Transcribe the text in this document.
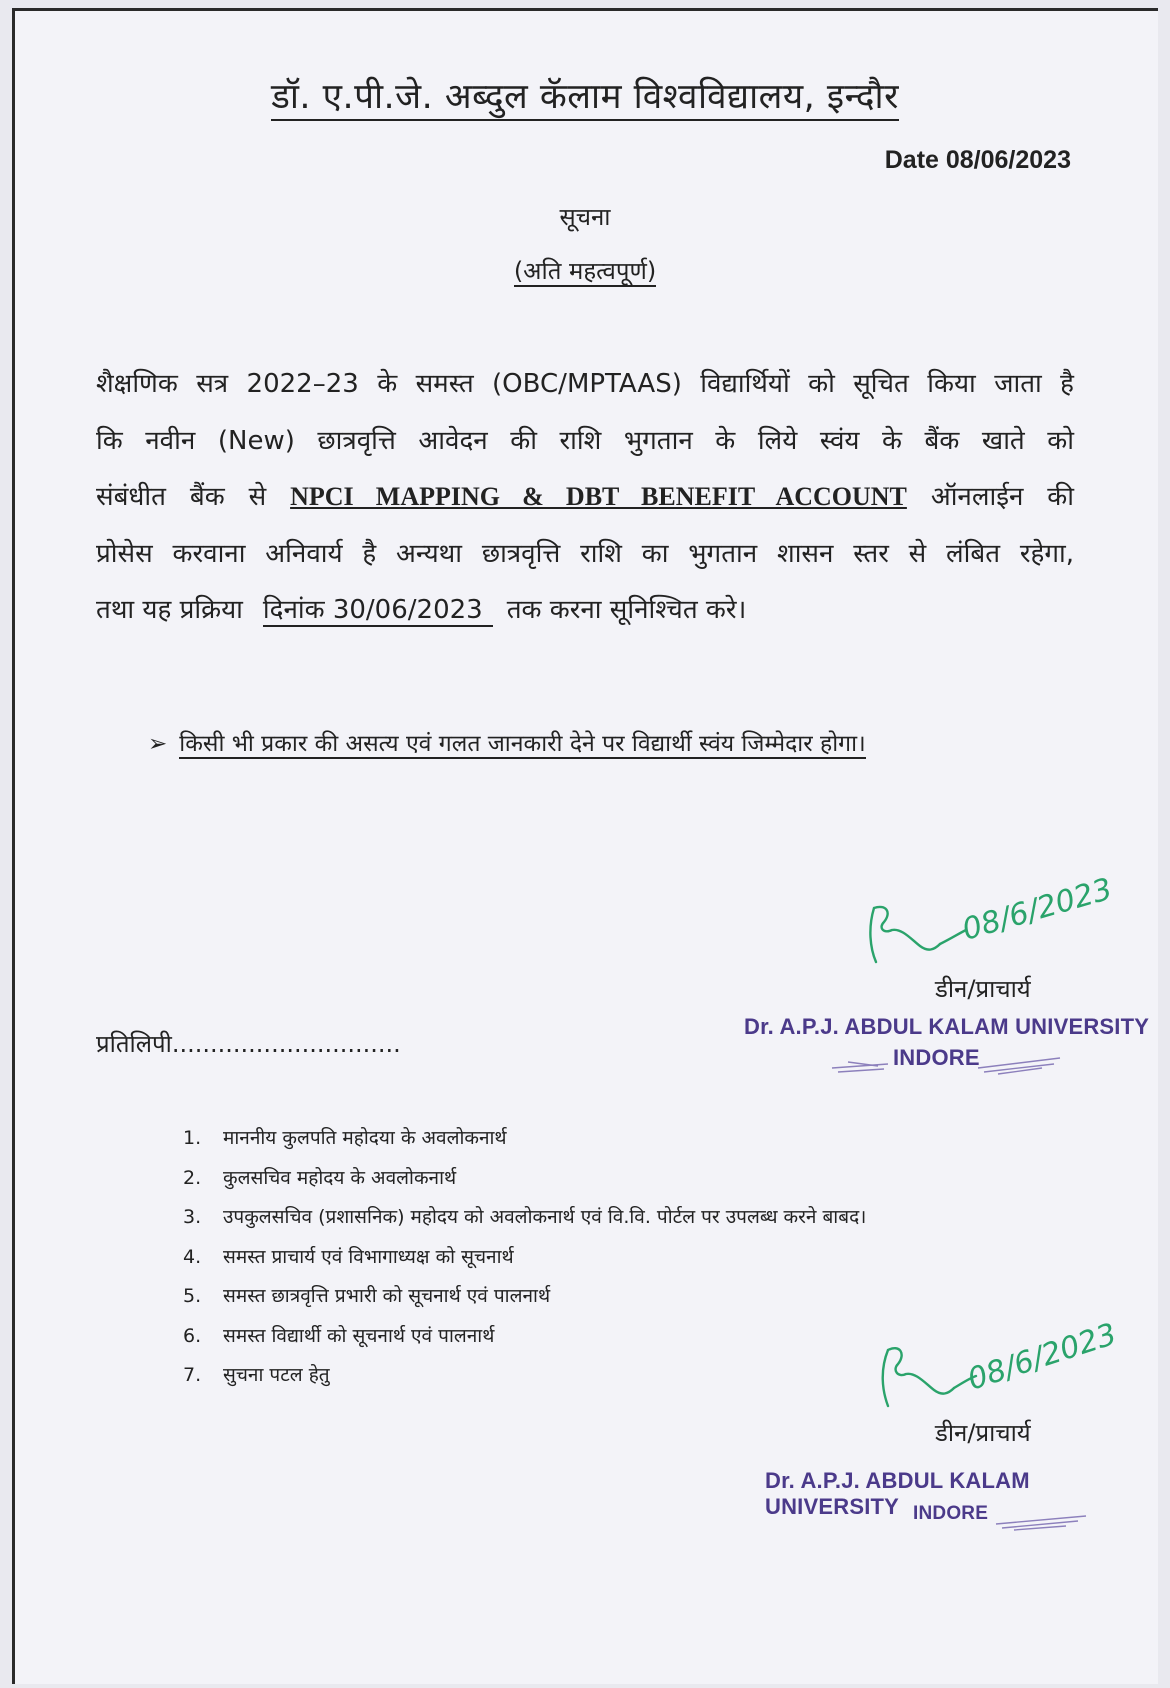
डॉ. ए.पी.जे. अब्दुल कॅलाम विश्वविद्यालय, इन्दौर
Date 08/06/2023
सूचना
(अति महत्वपूर्ण)
शैक्षणिक सत्र 2022–23 के समस्त (OBC/MPTAAS) विद्यार्थियों को सूचित किया जाता है
कि नवीन (New) छात्रवृत्ति आवेदन की राशि भुगतान के लिये स्वंय के बैंक खाते को
संबंधीत बैंक से NPCI MAPPING & DBT BENEFIT ACCOUNT ऑनलाईन की
प्रोसेस करवाना अनिवार्य है अन्यथा छात्रवृत्ति राशि का भुगतान शासन स्तर से लंबित रहेगा,
तथा यह प्रक्रिया दिनांक 30/06/2023 तक करना सूनिश्चित करे।
➢ किसी भी प्रकार की असत्य एवं गलत जानकारी देने पर विद्यार्थी स्वंय जिम्मेदार होगा।
08/6/2023
डीन/प्राचार्य
Dr. A.P.J. ABDUL KALAM UNIVERSITY
INDORE
प्रतिलिपी..............................
1. माननीय कुलपति महोदया के अवलोकनार्थ
2. कुलसचिव महोदय के अवलोकनार्थ
3. उपकुलसचिव (प्रशासनिक) महोदय को अवलोकनार्थ एवं वि.वि. पोर्टल पर उपलब्ध करने बाबद।
4. समस्त प्राचार्य एवं विभागाध्यक्ष को सूचनार्थ
5. समस्त छात्रवृत्ति प्रभारी को सूचनार्थ एवं पालनार्थ
6. समस्त विद्यार्थी को सूचनार्थ एवं पालनार्थ
7. सुचना पटल हेतु	08/6/2023
डीन/प्राचार्य
Dr. A.P.J. ABDUL KALAM UNIVERSITY INDORE
